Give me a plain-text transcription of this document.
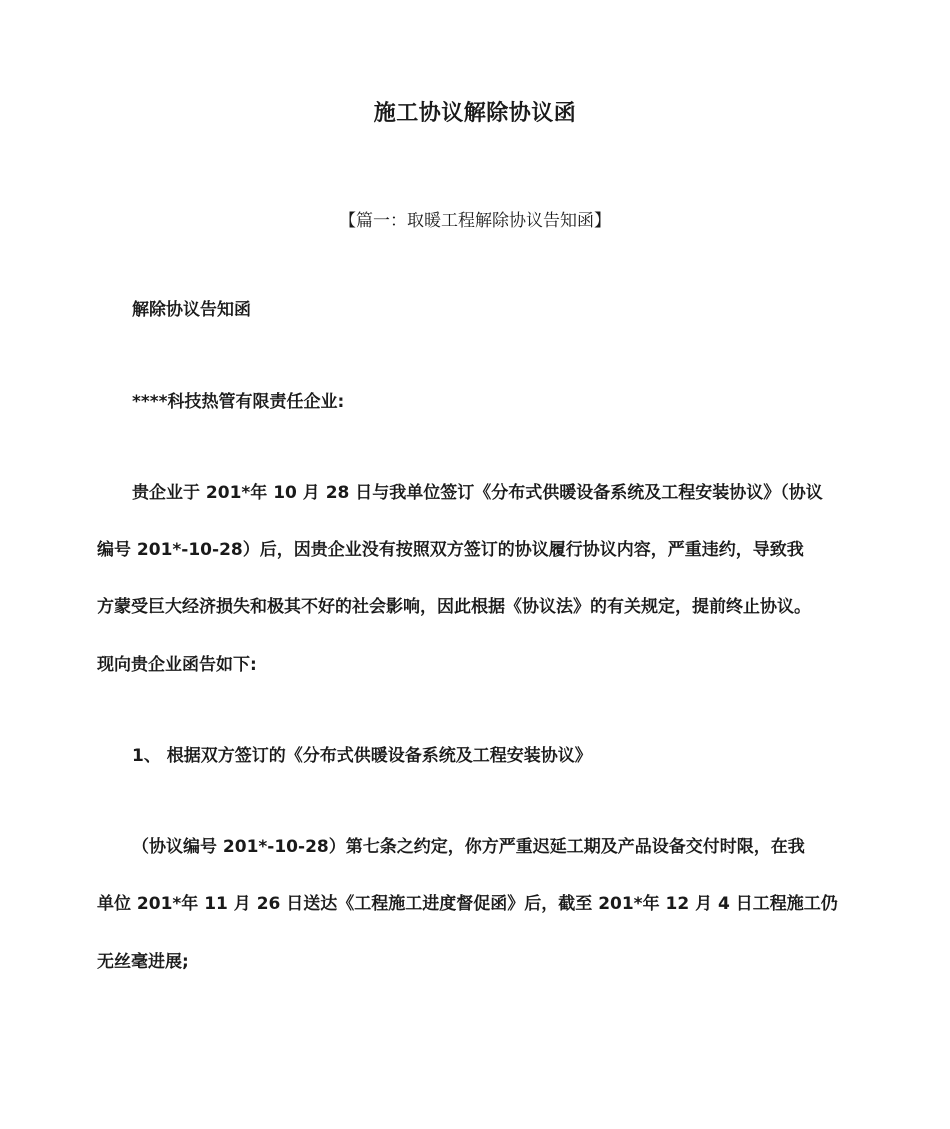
施工协议解除协议函
【篇一：取暖工程解除协议告知函】
解除协议告知函
****科技热管有限责任企业:
贵企业于 201*年 10 月 28 日与我单位签订《分布式供暖设备系统及工程安装协议》（协议
编号 201*-10-28）后，因贵企业没有按照双方签订的协议履行协议内容，严重违约，导致我
方蒙受巨大经济损失和极其不好的社会影响，因此根据《协议法》的有关规定，提前终止协议。
现向贵企业函告如下:
1、 根据双方签订的《分布式供暖设备系统及工程安装协议》
（协议编号 201*-10-28）第七条之约定，你方严重迟延工期及产品设备交付时限，在我
单位 201*年 11 月 26 日送达《工程施工进度督促函》后，截至 201*年 12 月 4 日工程施工仍
无丝毫进展;
